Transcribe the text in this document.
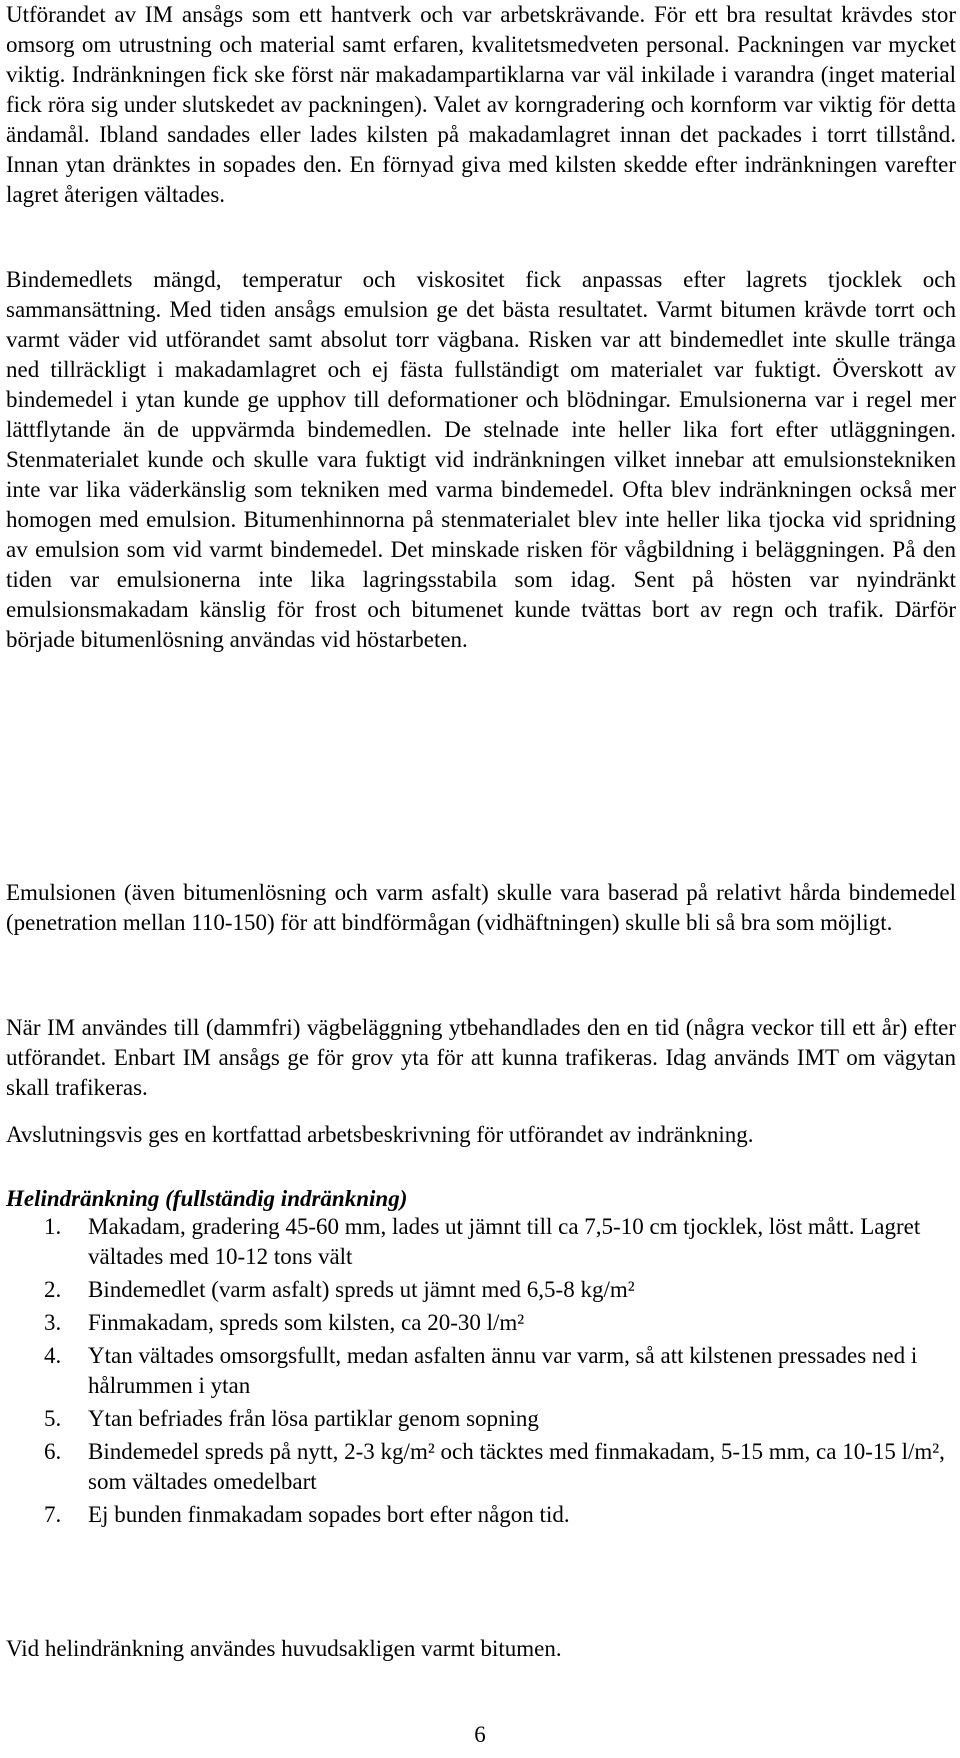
Utförandet av IM ansågs som ett hantverk och var arbetskrävande. För ett bra resultat krävdes stor omsorg om utrustning och material samt erfaren, kvalitetsmedveten personal. Packningen var mycket viktig. Indränkningen fick ske först när makadampartiklarna var väl inkilade i varandra (inget material fick röra sig under slutskedet av packningen). Valet av korngradering och kornform var viktig för detta ändamål. Ibland sandades eller lades kilsten på makadamlagret innan det packades i torrt tillstånd. Innan ytan dränktes in sopades den. En förnyad giva med kilsten skedde efter indränkningen varefter lagret återigen vältades.

Bindemedlets mängd, temperatur och viskositet fick anpassas efter lagrets tjocklek och sammansättning. Med tiden ansågs emulsion ge det bästa resultatet. Varmt bitumen krävde torrt och varmt väder vid utförandet samt absolut torr vägbana. Risken var att bindemedlet inte skulle tränga ned tillräckligt i makadamlagret och ej fästa fullständigt om materialet var fuktigt. Överskott av bindemedel i ytan kunde ge upphov till deformationer och blödningar. Emulsionerna var i regel mer lättflytande än de uppvärmda bindemedlen. De stelnade inte heller lika fort efter utläggningen. Stenmaterialet kunde och skulle vara fuktigt vid indränkningen vilket innebar att emulsionstekniken inte var lika väderkänslig som tekniken med varma bindemedel. Ofta blev indränkningen också mer homogen med emulsion. Bitumenhinnorna på stenmaterialet blev inte heller lika tjocka vid spridning av emulsion som vid varmt bindemedel. Det minskade risken för vågbildning i beläggningen. På den tiden var emulsionerna inte lika lagringsstabila som idag. Sent på hösten var nyindränkt emulsionsmakadam känslig för frost och bitumenet kunde tvättas bort av regn och trafik. Därför började bitumenlösning användas vid höstarbeten.

Emulsionen (även bitumenlösning och varm asfalt) skulle vara baserad på relativt hårda bindemedel (penetration mellan 110-150) för att bindförmågan (vidhäftningen) skulle bli så bra som möjligt.

När IM användes till (dammfri) vägbeläggning ytbehandlades den en tid (några veckor till ett år) efter utförandet. Enbart IM ansågs ge för grov yta för att kunna trafikeras. Idag används IMT om vägytan skall trafikeras.

Avslutningsvis ges en kortfattad arbetsbeskrivning för utförandet av indränkning.

Helindränkning (fullständig indränkning)
1. Makadam, gradering 45-60 mm, lades ut jämnt till ca 7,5-10 cm tjocklek, löst mått. Lagret vältades med 10-12 tons vält
2. Bindemedlet (varm asfalt) spreds ut jämnt med 6,5-8 kg/m²
3. Finmakadam, spreds som kilsten, ca 20-30 l/m²
4. Ytan vältades omsorgsfullt, medan asfalten ännu var varm, så att kilstenen pressades ned i hålrummen i ytan
5. Ytan befriades från lösa partiklar genom sopning
6. Bindemedel spreds på nytt, 2-3 kg/m² och täcktes med finmakadam, 5-15 mm, ca 10-15 l/m², som vältades omedelbart
7. Ej bunden finmakadam sopades bort efter någon tid.

Vid helindränkning användes huvudsakligen varmt bitumen.

6
